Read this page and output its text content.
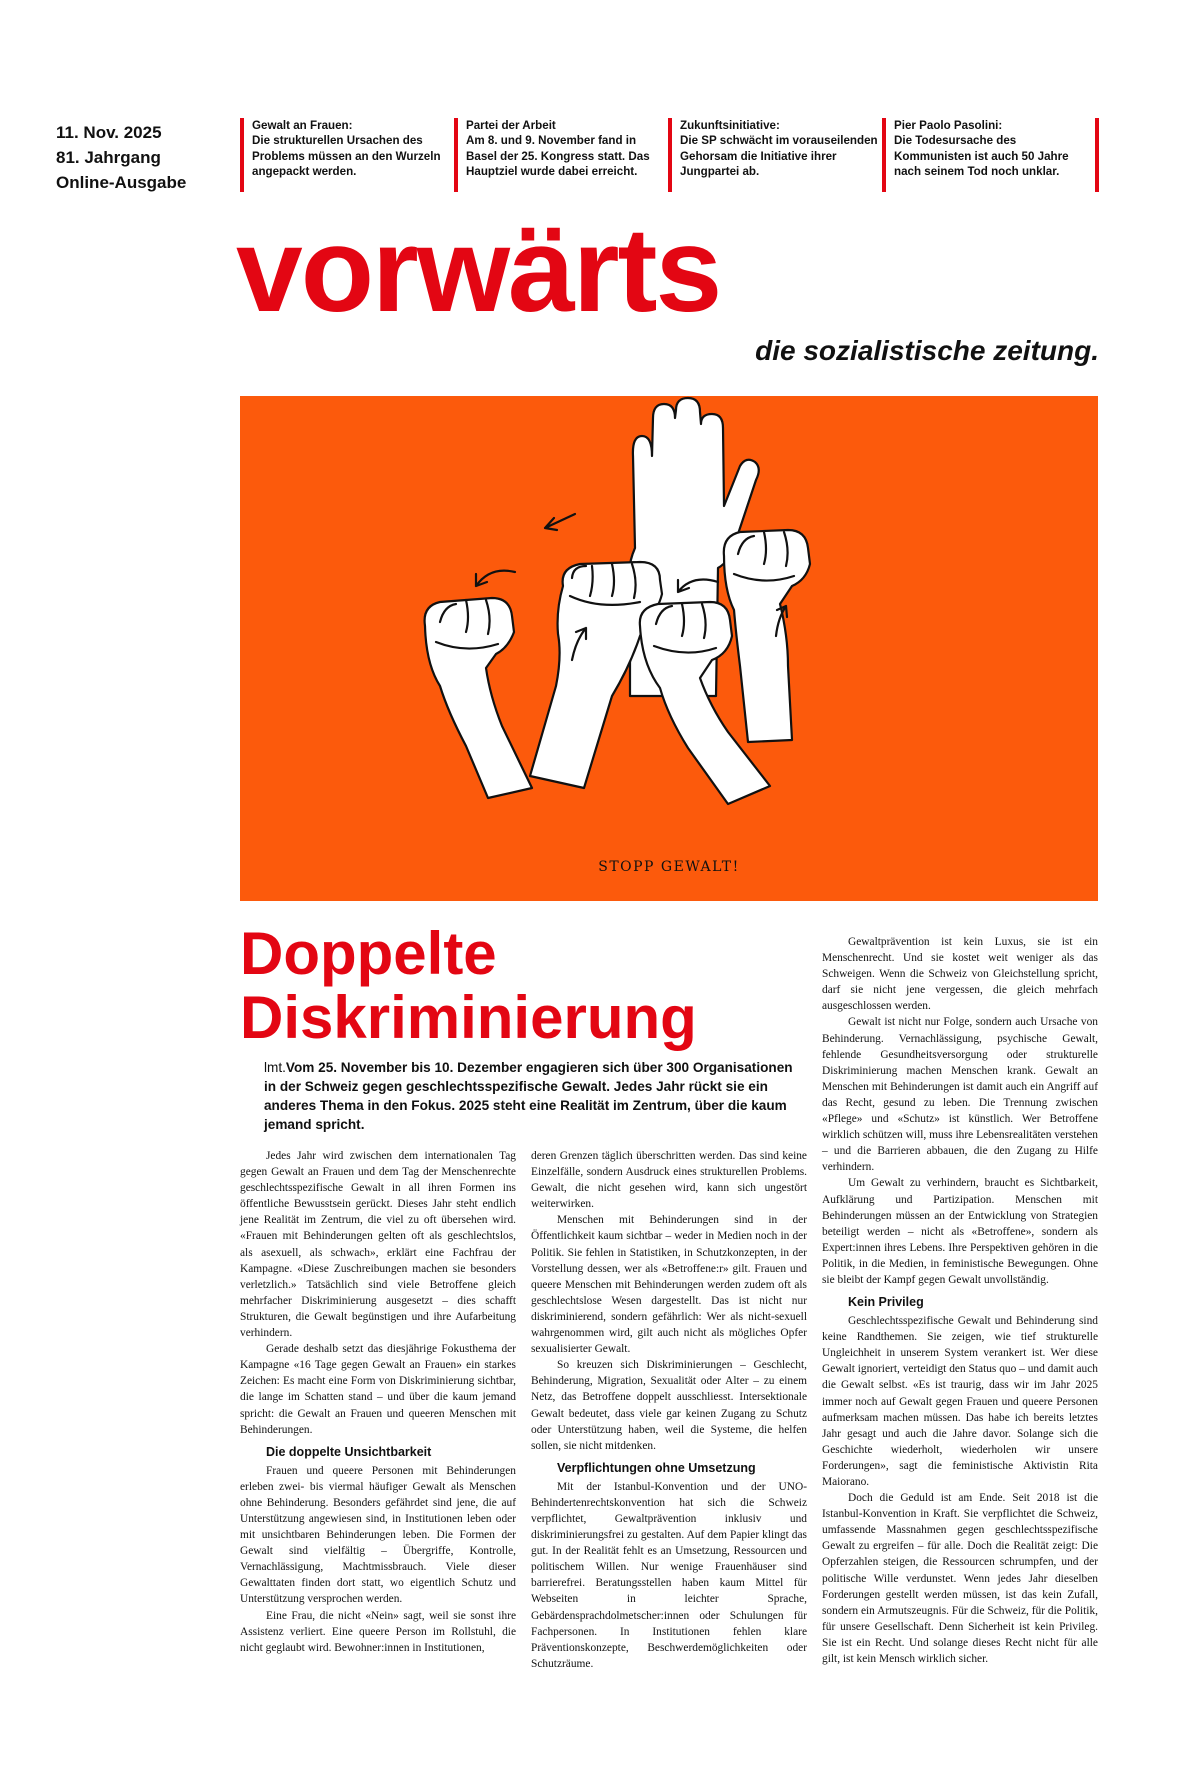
11. Nov. 2025
81. Jahrgang
Online-Ausgabe
Gewalt an Frauen:
Die strukturellen Ursachen des Problems müssen an den Wurzeln angepackt werden.
Partei der Arbeit
Am 8. und 9. November fand in Basel der 25. Kongress statt. Das Hauptziel wurde dabei erreicht.
Zukunftsinitiative:
Die SP schwächt im vorauseilenden Gehorsam die Initiative ihrer Jungpartei ab.
Pier Paolo Pasolini:
Die Todesursache des Kommunisten ist auch 50 Jahre nach seinem Tod noch unklar.
vorwärts
die sozialistische zeitung.
STOPP GEWALT!
Doppelte
Diskriminierung
lmt.Vom 25. November bis 10. Dezember engagieren sich über 300 Organisationen in der Schweiz gegen geschlechtsspezifische Gewalt. Jedes Jahr rückt sie ein anderes Thema in den Fokus. 2025 steht eine Realität im Zentrum, über die kaum jemand spricht.

Jedes Jahr wird zwischen dem internationalen Tag gegen Gewalt an Frauen und dem Tag der Menschenrechte geschlechtsspezifische Gewalt in all ihren Formen ins öffentliche Bewusstsein gerückt. Dieses Jahr steht endlich jene Realität im Zentrum, die viel zu oft übersehen wird. «Frauen mit Behinderungen gelten oft als geschlechtslos, als asexuell, als schwach», erklärt eine Fachfrau der Kampagne. «Diese Zuschreibungen machen sie besonders verletzlich.» Tatsächlich sind viele Betroffene gleich mehrfacher Diskriminierung ausgesetzt – dies schafft Strukturen, die Gewalt begünstigen und ihre Aufarbeitung verhindern.

Gerade deshalb setzt das diesjährige Fokusthema der Kampagne «16 Tage gegen Gewalt an Frauen» ein starkes Zeichen: Es macht eine Form von Diskriminierung sichtbar, die lange im Schatten stand – und über die kaum jemand spricht: die Gewalt an Frauen und queeren Menschen mit Behinderungen.

Die doppelte Unsichtbarkeit

Frauen und queere Personen mit Behinderungen erleben zwei- bis viermal häufiger Gewalt als Menschen ohne Behinderung. Besonders gefährdet sind jene, die auf Unterstützung angewiesen sind, in Institutionen leben oder mit unsichtbaren Behinderungen leben. Die Formen der Gewalt sind vielfältig – Übergriffe, Kontrolle, Vernachlässigung, Machtmissbrauch. Viele dieser Gewalttaten finden dort statt, wo eigentlich Schutz und Unterstützung versprochen werden.

Eine Frau, die nicht «Nein» sagt, weil sie sonst ihre Assistenz verliert. Eine queere Person im Rollstuhl, die nicht geglaubt wird. Bewohner:innen in Institutionen,

deren Grenzen täglich überschritten werden. Das sind keine Einzelfälle, sondern Ausdruck eines strukturellen Problems. Gewalt, die nicht gesehen wird, kann sich ungestört weiterwirken.

Menschen mit Behinderungen sind in der Öffentlichkeit kaum sichtbar – weder in Medien noch in der Politik. Sie fehlen in Statistiken, in Schutzkonzepten, in der Vorstellung dessen, wer als «Betroffene:r» gilt. Frauen und queere Menschen mit Behinderungen werden zudem oft als geschlechtslose Wesen dargestellt. Das ist nicht nur diskriminierend, sondern gefährlich: Wer als nicht-sexuell wahrgenommen wird, gilt auch nicht als mögliches Opfer sexualisierter Gewalt.

So kreuzen sich Diskriminierungen – Geschlecht, Behinderung, Migration, Sexualität oder Alter – zu einem Netz, das Betroffene doppelt ausschliesst. Intersektionale Gewalt bedeutet, dass viele gar keinen Zugang zu Schutz oder Unterstützung haben, weil die Systeme, die helfen sollen, sie nicht mitdenken.

Verpflichtungen ohne Umsetzung

Mit der Istanbul-Konvention und der UNO-Behindertenrechtskonvention hat sich die Schweiz verpflichtet, Gewaltprävention inklusiv und diskriminierungsfrei zu gestalten. Auf dem Papier klingt das gut. In der Realität fehlt es an Umsetzung, Ressourcen und politischem Willen. Nur wenige Frauenhäuser sind barrierefrei. Beratungsstellen haben kaum Mittel für Webseiten in leichter Sprache, Gebärdensprachdolmetscher:innen oder Schulungen für Fachpersonen. In Institutionen fehlen klare Präventionskonzepte, Beschwerdemöglichkeiten oder Schutzräume.

Gewaltprävention ist kein Luxus, sie ist ein Menschenrecht. Und sie kostet weit weniger als das Schweigen. Wenn die Schweiz von Gleichstellung spricht, darf sie nicht jene vergessen, die gleich mehrfach ausgeschlossen werden.

Gewalt ist nicht nur Folge, sondern auch Ursache von Behinderung. Vernachlässigung, psychische Gewalt, fehlende Gesundheitsversorgung oder strukturelle Diskriminierung machen Menschen krank. Gewalt an Menschen mit Behinderungen ist damit auch ein Angriff auf das Recht, gesund zu leben. Die Trennung zwischen «Pflege» und «Schutz» ist künstlich. Wer Betroffene wirklich schützen will, muss ihre Lebensrealitäten verstehen – und die Barrieren abbauen, die den Zugang zu Hilfe verhindern.

Um Gewalt zu verhindern, braucht es Sichtbarkeit, Aufklärung und Partizipation. Menschen mit Behinderungen müssen an der Entwicklung von Strategien beteiligt werden – nicht als «Betroffene», sondern als Expert:innen ihres Lebens. Ihre Perspektiven gehören in die Politik, in die Medien, in feministische Bewegungen. Ohne sie bleibt der Kampf gegen Gewalt unvollständig.

Kein Privileg

Geschlechtsspezifische Gewalt und Behinderung sind keine Randthemen. Sie zeigen, wie tief strukturelle Ungleichheit in unserem System verankert ist. Wer diese Gewalt ignoriert, verteidigt den Status quo – und damit auch die Gewalt selbst. «Es ist traurig, dass wir im Jahr 2025 immer noch auf Gewalt gegen Frauen und queere Personen aufmerksam machen müssen. Das habe ich bereits letztes Jahr gesagt und auch die Jahre davor. Solange sich die Geschichte wiederholt, wiederholen wir unsere Forderungen», sagt die feministische Aktivistin Rita Maiorano.

Doch die Geduld ist am Ende. Seit 2018 ist die Istanbul-Konvention in Kraft. Sie verpflichtet die Schweiz, umfassende Massnahmen gegen geschlechtsspezifische Gewalt zu ergreifen – für alle. Doch die Realität zeigt: Die Opferzahlen steigen, die Ressourcen schrumpfen, und der politische Wille verdunstet. Wenn jedes Jahr dieselben Forderungen gestellt werden müssen, ist das kein Zufall, sondern ein Armutszeugnis. Für die Schweiz, für die Politik, für unsere Gesellschaft. Denn Sicherheit ist kein Privileg. Sie ist ein Recht. Und solange dieses Recht nicht für alle gilt, ist kein Mensch wirklich sicher.
